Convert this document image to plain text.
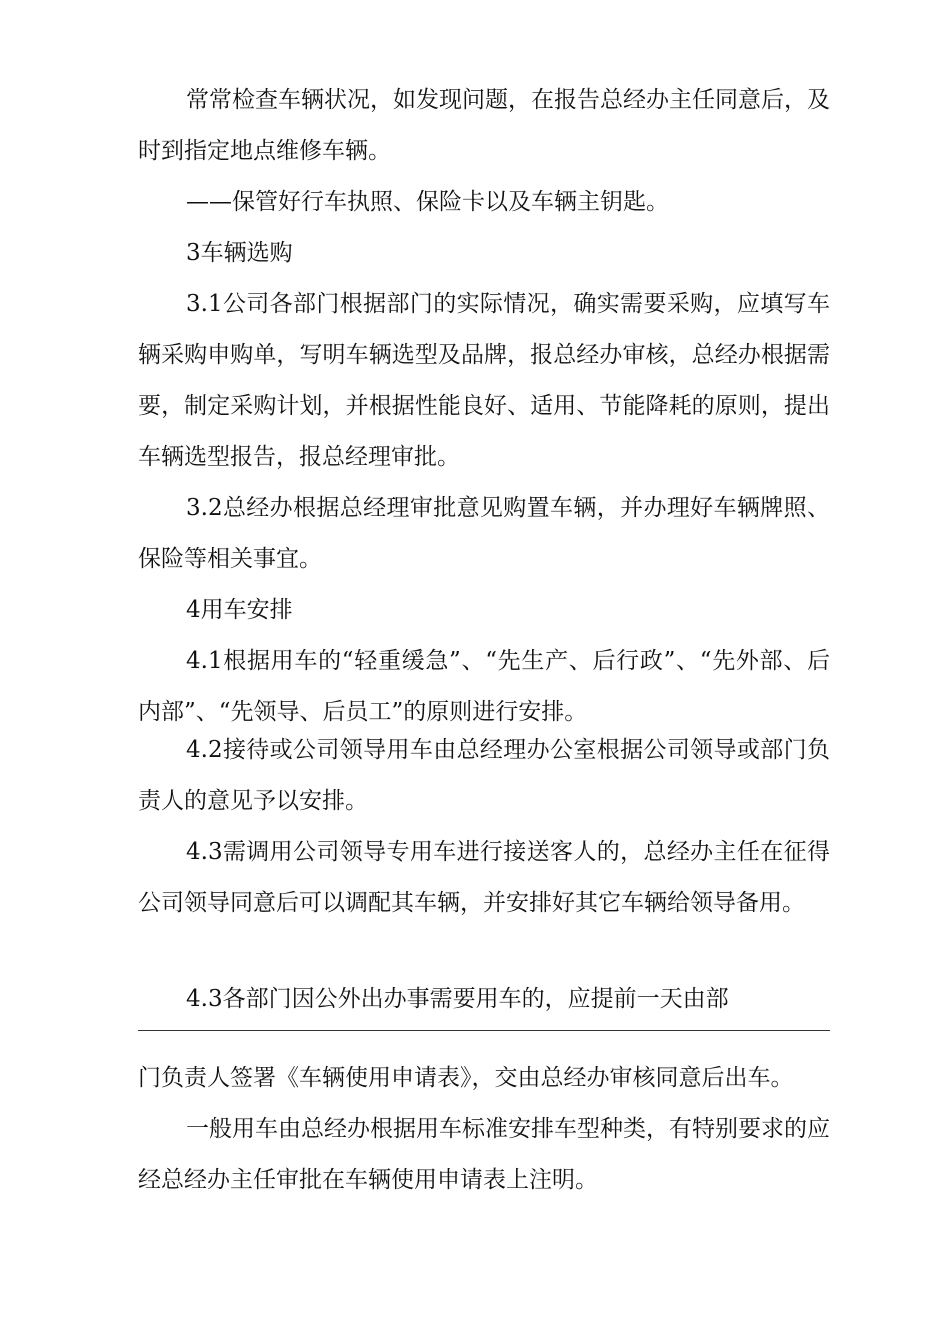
常常检查车辆状况，如发现问题，在报告总经办主任同意后，及时到指定地点维修车辆。

——保管好行车执照、保险卡以及车辆主钥匙。

3车辆选购

3.1公司各部门根据部门的实际情况，确实需要采购，应填写车辆采购申购单，写明车辆选型及品牌，报总经办审核，总经办根据需要，制定采购计划，并根据性能良好、适用、节能降耗的原则，提出车辆选型报告，报总经理审批。

3.2总经办根据总经理审批意见购置车辆，并办理好车辆牌照、保险等相关事宜。

4用车安排

4.1根据用车的“轻重缓急”、“先生产、后行政”、“先外部、后内部”、“先领导、后员工”的原则进行安排。

4.2接待或公司领导用车由总经理办公室根据公司领导或部门负责人的意见予以安排。

4.3需调用公司领导专用车进行接送客人的，总经办主任在征得公司领导同意后可以调配其车辆，并安排好其它车辆给领导备用。

4.3各部门因公外出办事需要用车的，应提前一天由部

门负责人签署《车辆使用申请表》，交由总经办审核同意后出车。

一般用车由总经办根据用车标准安排车型种类，有特别要求的应经总经办主任审批在车辆使用申请表上注明。
